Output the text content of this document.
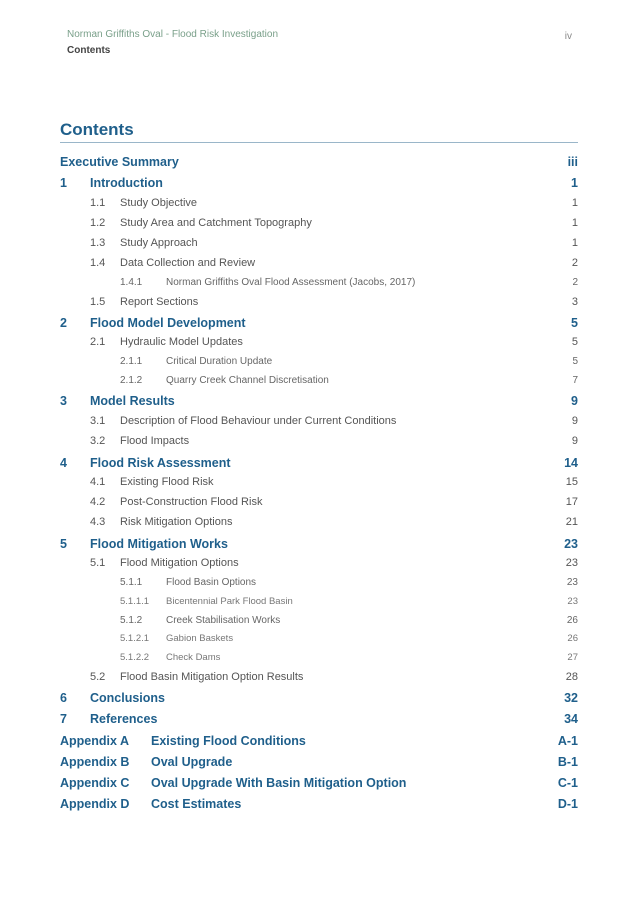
Norman Griffiths Oval - Flood Risk Investigation
Contents
iv
Contents
Executive Summary	iii
1 Introduction	1
1.1 Study Objective	1
1.2 Study Area and Catchment Topography	1
1.3 Study Approach	1
1.4 Data Collection and Review	2
1.4.1 Norman Griffiths Oval Flood Assessment (Jacobs, 2017)	2
1.5 Report Sections	3
2 Flood Model Development	5
2.1 Hydraulic Model Updates	5
2.1.1 Critical Duration Update	5
2.1.2 Quarry Creek Channel Discretisation	7
3 Model Results	9
3.1 Description of Flood Behaviour under Current Conditions	9
3.2 Flood Impacts	9
4 Flood Risk Assessment	14
4.1 Existing Flood Risk	15
4.2 Post-Construction Flood Risk	17
4.3 Risk Mitigation Options	21
5 Flood Mitigation Works	23
5.1 Flood Mitigation Options	23
5.1.1 Flood Basin Options	23
5.1.1.1 Bicentennial Park Flood Basin	23
5.1.2 Creek Stabilisation Works	26
5.1.2.1 Gabion Baskets	26
5.1.2.2 Check Dams	27
5.2 Flood Basin Mitigation Option Results	28
6 Conclusions	32
7 References	34
Appendix A Existing Flood Conditions	A-1
Appendix B Oval Upgrade	B-1
Appendix C Oval Upgrade With Basin Mitigation Option	C-1
Appendix D Cost Estimates	D-1
